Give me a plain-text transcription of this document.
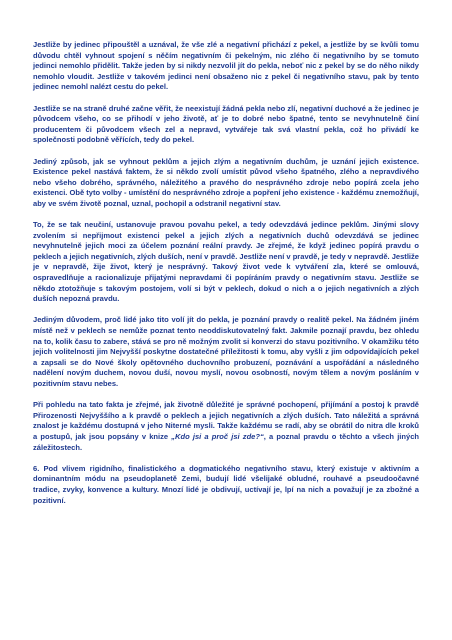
Jestliže by jedinec připouštěl a uznával, že vše zlé a negativní přichází z pekel, a jestliže by se kvůli tomu důvodu chtěl vyhnout spojení s něčím negativním či pekelným, nic zlého či negativního by se tomuto jedinci nemohlo přidělit. Takže jeden by si nikdy nezvolil jít do pekla, neboť nic z pekel by se do něho nikdy nemohlo vloudit. Jestliže v takovém jedinci není obsaženo nic z pekel či negativního stavu, pak by tento jedinec nemohl nalézt cestu do pekel.

Jestliže se na straně druhé začne věřit, že neexistují žádná pekla nebo zlí, negativní duchové a že jedinec je původcem všeho, co se přihodí v jeho životě, ať je to dobré nebo špatné, tento se nevyhnutelně činí producentem či původcem všech zel a nepravd, vytvářeje tak svá vlastní pekla, což ho přivádí ke společnosti podobně věřících, tedy do pekel.

Jediný způsob, jak se vyhnout peklům a jejich zlým a negativním duchům, je uznání jejich existence. Existence pekel nastává faktem, že si někdo zvolí umístit původ všeho špatného, zlého a nepravdivého nebo všeho dobrého, správného, náležitého a pravého do nesprávného zdroje nebo popírá zcela jeho existenci. Obě tyto volby - umístění do nesprávného zdroje a popření jeho existence - každému znemožňují, aby ve svém životě poznal, uznal, pochopil a odstranil negativní stav.

To, že se tak neučiní, ustanovuje pravou povahu pekel, a tedy odevzdává jedince peklům. Jinými slovy zvolením si nepřijmout existenci pekel a jejich zlých a negativních duchů odevzdává se jedinec nevyhnutelně jejich moci za účelem poznání reální pravdy. Je zřejmé, že když jedinec popírá pravdu o peklech a jejich negativních, zlých duších, není v pravdě. Jestliže není v pravdě, je tedy v nepravdě. Jestliže je v nepravdě, žije život, který je nesprávný. Takový život vede k vytváření zla, které se omlouvá, ospravedlňuje a racionalizuje přijatými nepravdami či popíráním pravdy o negativním stavu. Jestliže se někdo ztotožňuje s takovým postojem, volí si být v peklech, dokud o nich a o jejich negativních a zlých duších nepozná pravdu.

Jediným důvodem, proč lidé jako tito volí jít do pekla, je poznání pravdy o realitě pekel. Na žádném jiném místě než v peklech se nemůže poznat tento neoddiskutovatelný fakt. Jakmile poznají pravdu, bez ohledu na to, kolik času to zabere, stává se pro ně možným zvolit si konverzi do stavu pozitivního. V okamžiku této jejich volitelnosti jim Nejvyšší poskytne dostatečné příležitosti k tomu, aby vyšli z jim odpovídajících pekel a zapsali se do Nové školy opětovného duchovního probuzení, poznávání a uspořádání a následného nadělení novým duchem, novou duší, novou myslí, novou osobností, novým tělem a novým posláním v pozitivním stavu nebes.

Při pohledu na tato fakta je zřejmé, jak životně důležité je správné pochopení, přijímání a postoj k pravdě Přirozenosti Nejvyššího a k pravdě o peklech a jejich negativních a zlých duších. Tato náležitá a správná znalost je každému dostupná v jeho Niterné mysli. Takže každému se radí, aby se obrátil do nitra dle kroků a postupů, jak jsou popsány v knize „Kdo jsi a proč jsi zde?“, a poznal pravdu o těchto a všech jiných záležitostech.

6. Pod vlivem rigidního, finalistického a dogmatického negativního stavu, který existuje v aktivním a dominantním módu na pseudoplanetě Zemi, budují lidé všelijaké obludné, rouhavé a pseudoočavné tradice, zvyky, konvence a kultury. Mnozí lidé je obdivují, uctívají je, lpí na nich a považují je za zbožné a pozitivní.
